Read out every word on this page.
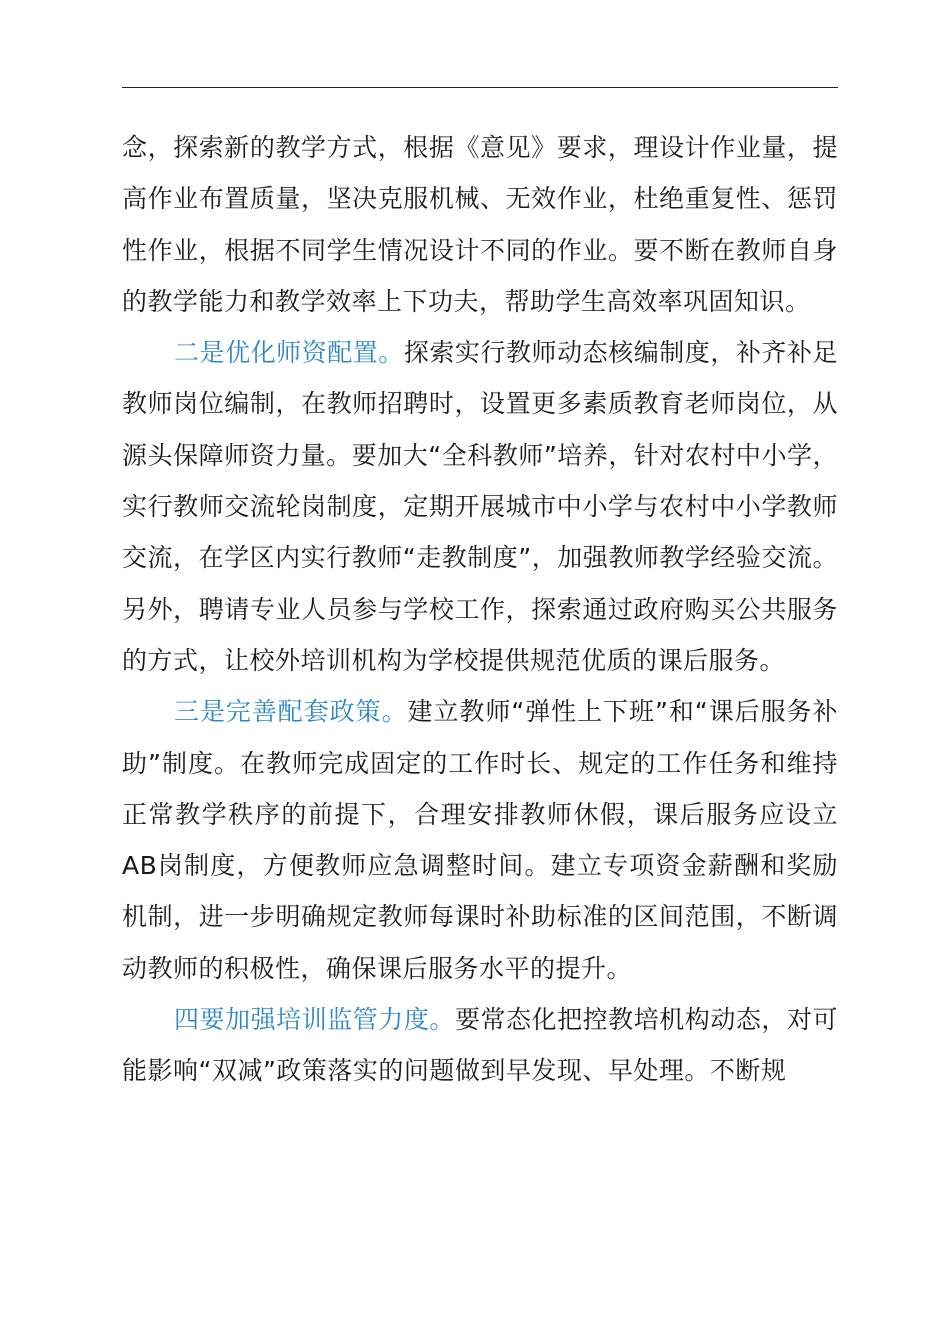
念，探索新的教学方式，根据《意见》要求，理设计作业量，提高作业布置质量，坚决克服机械、无效作业，杜绝重复性、惩罚性作业，根据不同学生情况设计不同的作业。要不断在教师自身的教学能力和教学效率上下功夫，帮助学生高效率巩固知识。

二是优化师资配置。探索实行教师动态核编制度，补齐补足教师岗位编制，在教师招聘时，设置更多素质教育老师岗位，从源头保障师资力量。要加大“全科教师”培养，针对农村中小学，实行教师交流轮岗制度，定期开展城市中小学与农村中小学教师交流，在学区内实行教师“走教制度”，加强教师教学经验交流。另外，聘请专业人员参与学校工作，探索通过政府购买公共服务的方式，让校外培训机构为学校提供规范优质的课后服务。

三是完善配套政策。建立教师“弹性上下班”和“课后服务补助”制度。在教师完成固定的工作时长、规定的工作任务和维持正常教学秩序的前提下，合理安排教师休假，课后服务应设立AB岗制度，方便教师应急调整时间。建立专项资金薪酬和奖励机制，进一步明确规定教师每课时补助标准的区间范围，不断调动教师的积极性，确保课后服务水平的提升。

四要加强培训监管力度。要常态化把控教培机构动态，对可能影响“双减”政策落实的问题做到早发现、早处理。不断规
